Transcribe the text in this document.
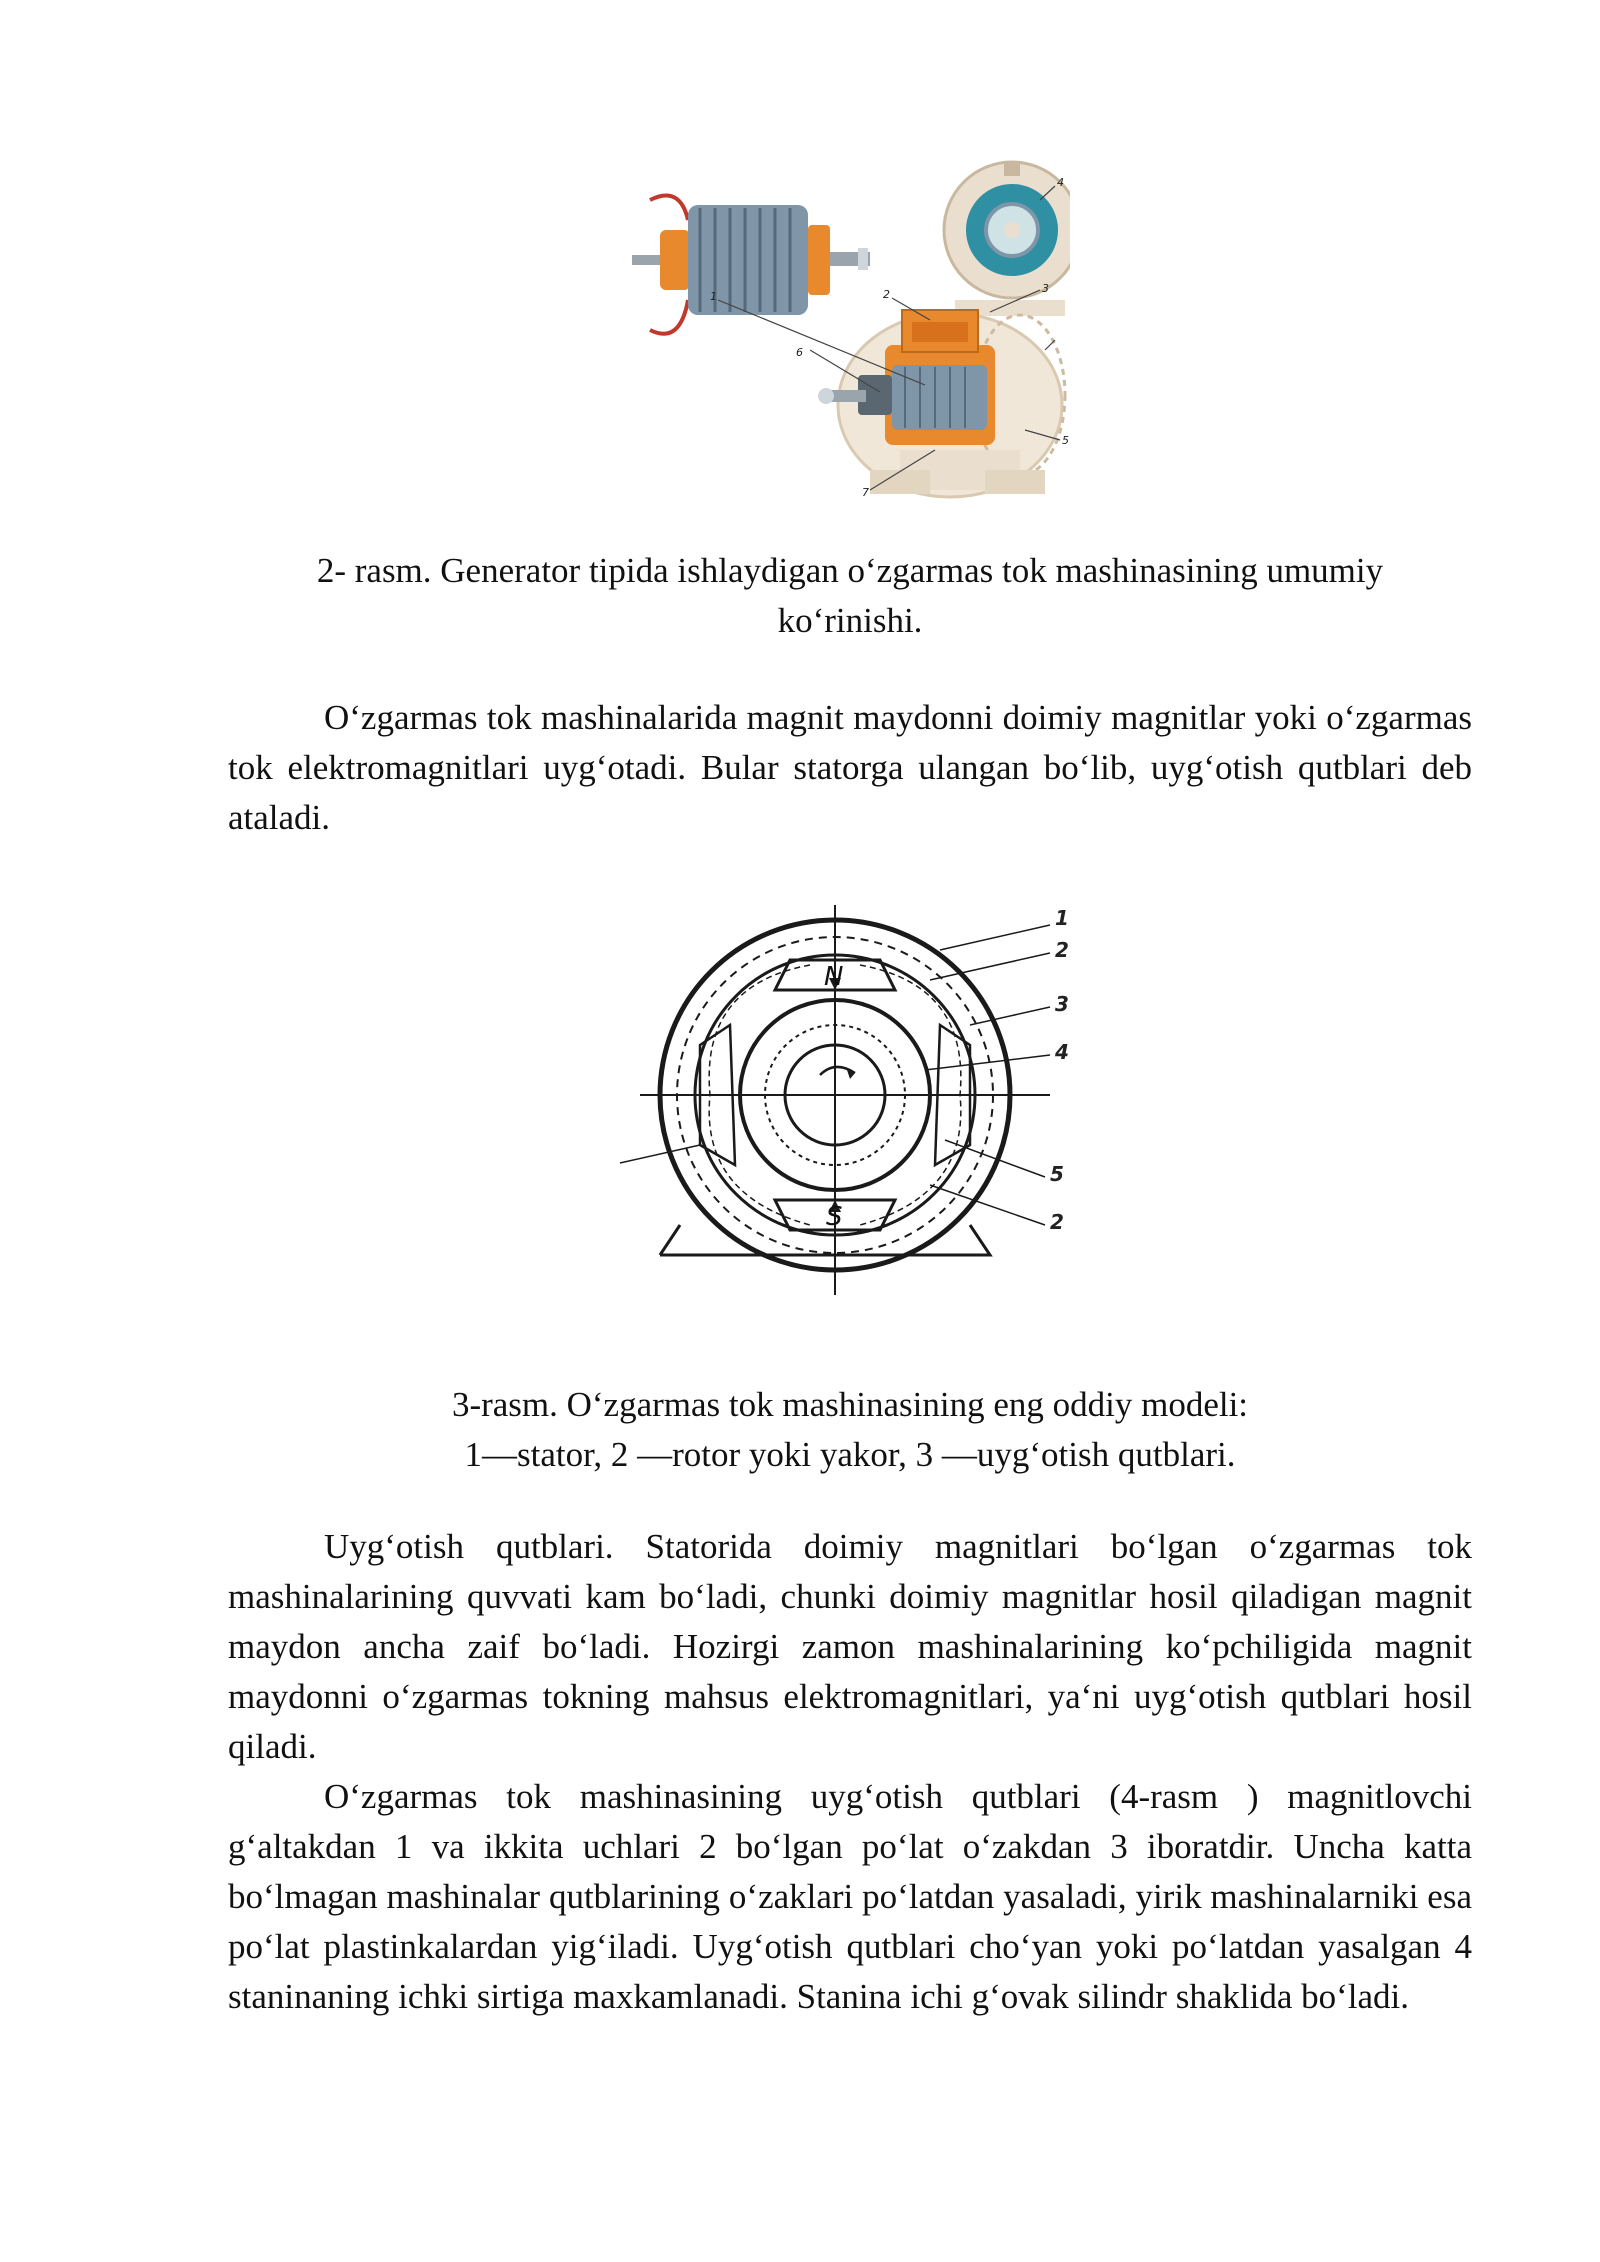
1	2	3
4
5
6
7
2- rasm. Generator tipida ishlaydigan o‘zgarmas tok mashinasining umumiy
ko‘rinishi.

O‘zgarmas tok mashinalarida magnit maydonni doimiy magnitlar yoki o‘zgarmas tok elektromagnitlari uyg‘otadi. Bular statorga ulangan bo‘lib, uyg‘otish qutblari deb ataladi.

N
S
1
2
3
4
5
2
3-rasm. O‘zgarmas tok mashinasining eng oddiy modeli:
1—stator, 2 —rotor yoki yakor, 3 —uyg‘otish qutblari.

Uyg‘otish qutblari. Statorida doimiy magnitlari bo‘lgan o‘zgarmas tok mashinalarining quvvati kam bo‘ladi, chunki doimiy magnitlar hosil qiladigan magnit maydon ancha zaif bo‘ladi. Hozirgi zamon mashinalarining ko‘pchiligida magnit maydonni o‘zgarmas tokning mahsus elektromagnitlari, ya‘ni uyg‘otish qutblari hosil qiladi.

O‘zgarmas tok mashinasining uyg‘otish qutblari (4-rasm ) magnitlovchi g‘altakdan 1 va ikkita uchlari 2 bo‘lgan po‘lat o‘zakdan 3 iboratdir. Uncha katta bo‘lmagan mashinalar qutblarining o‘zaklari po‘latdan yasaladi, yirik mashinalarniki esa po‘lat plastinkalardan yig‘iladi. Uyg‘otish qutblari cho‘yan yoki po‘latdan yasalgan 4 staninaning ichki sirtiga maxkamlanadi. Stanina ichi g‘ovak silindr shaklida bo‘ladi.
